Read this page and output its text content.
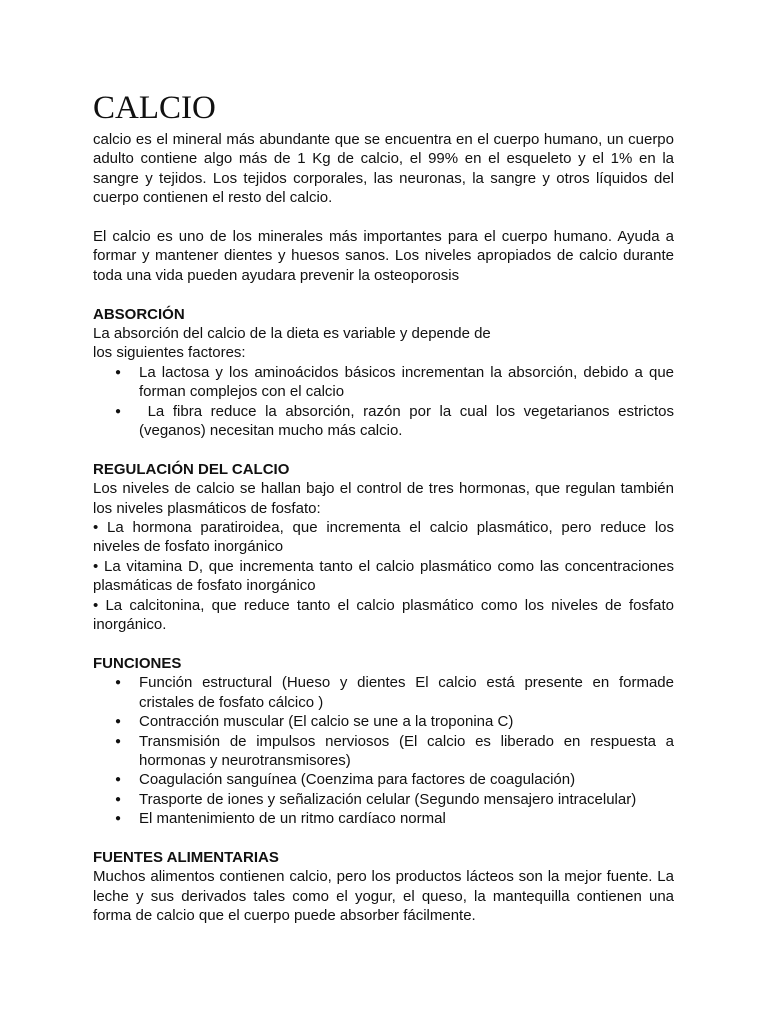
CALCIO

calcio es el mineral más abundante que se encuentra en el cuerpo humano, un cuerpo adulto contiene algo más de 1 Kg de calcio, el 99% en el esqueleto y el 1% en la sangre y tejidos. Los tejidos corporales, las neuronas, la sangre y otros líquidos del cuerpo contienen el resto del calcio.

El calcio es uno de los minerales más importantes para el cuerpo humano. Ayuda a formar y mantener dientes y huesos sanos. Los niveles apropiados de calcio durante toda una vida pueden ayudara prevenir la osteoporosis

ABSORCIÓN

La absorción del calcio de la dieta es variable y depende de

los siguientes factores:

● La lactosa y los aminoácidos básicos incrementan la absorción, debido a que forman complejos con el calcio
●  La fibra reduce la absorción, razón por la cual los vegetarianos estrictos (veganos) necesitan mucho más calcio.
REGULACIÓN DEL CALCIO

Los niveles de calcio se hallan bajo el control de tres hormonas, que regulan también los niveles plasmáticos de fosfato:

• La hormona paratiroidea, que incrementa el calcio plasmático, pero reduce los niveles de fosfato inorgánico

• La vitamina D, que incrementa tanto el calcio plasmático como las concentraciones plasmáticas de fosfato inorgánico

• La calcitonina, que reduce tanto el calcio plasmático como los niveles de fosfato inorgánico.

FUNCIONES
● Función estructural (Hueso y dientes El calcio está presente en formade cristales de fosfato cálcico )
● Contracción muscular (El calcio se une a la troponina C)
● Transmisión de impulsos nerviosos (El calcio es liberado en respuesta a hormonas y neurotransmisores)
● Coagulación sanguínea (Coenzima para factores de coagulación)
● Trasporte de iones y señalización celular (Segundo mensajero intracelular)
● El mantenimiento de un ritmo cardíaco normal
FUENTES ALIMENTARIAS

Muchos alimentos contienen calcio, pero los productos lácteos son la mejor fuente. La leche y sus derivados tales como el yogur, el queso, la mantequilla contienen una forma de calcio que el cuerpo puede absorber fácilmente.
